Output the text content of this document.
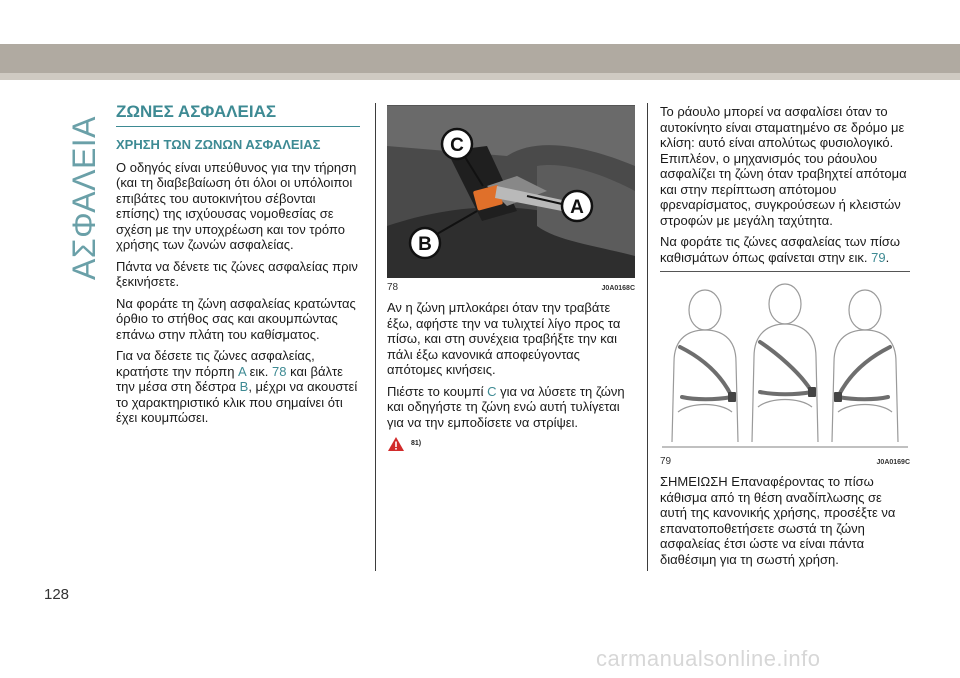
ΑΣΦΑΛΕΙΑ
ΖΩΝΕΣ ΑΣΦΑΛΕΙΑΣ
ΧΡΗΣΗ ΤΩΝ ΖΩΝΩΝ ΑΣΦΑΛΕΙΑΣ

Ο οδηγός είναι υπεύθυνος για την τήρηση (και τη διαβεβαίωση ότι όλοι οι υπόλοιποι επιβάτες του αυτοκινήτου σέβονται επίσης) της ισχύουσας νομοθεσίας σε σχέση με την υποχρέωση και τον τρόπο χρήσης των ζωνών ασφαλείας.

Πάντα να δένετε τις ζώνες ασφαλείας πριν ξεκινήσετε.

Να φοράτε τη ζώνη ασφαλείας κρατώντας όρθιο το στήθος σας και ακουμπώντας επάνω στην πλάτη του καθίσματος.

Για να δέσετε τις ζώνες ασφαλείας, κρατήστε την πόρπη A εικ. 78 και βάλτε την μέσα στη δέστρα B, μέχρι να ακουστεί το χαρακτηριστικό κλικ που σημαίνει ότι έχει κουμπώσει.

C
A
B
78	J0A0168C

Αν η ζώνη μπλοκάρει όταν την τραβάτε έξω, αφήστε την να τυλιχτεί λίγο προς τα πίσω, και στη συνέχεια τραβήξτε την και πάλι έξω κανονικά αποφεύγοντας απότομες κινήσεις.

Πιέστε το κουμπί C για να λύσετε τη ζώνη και οδηγήστε τη ζώνη ενώ αυτή τυλίγεται για να την εμποδίσετε να στρίψει.

81)

Το ράουλο μπορεί να ασφαλίσει όταν το αυτοκίνητο είναι σταματημένο σε δρόμο με κλίση: αυτό είναι απολύτως φυσιολογικό. Επιπλέον, ο μηχανισμός του ράουλου ασφαλίζει τη ζώνη όταν τραβηχτεί απότομα και στην περίπτωση απότομου φρεναρίσματος, συγκρούσεων ή κλειστών στροφών με μεγάλη ταχύτητα.

Να φοράτε τις ζώνες ασφαλείας των πίσω καθισμάτων όπως φαίνεται στην εικ. 79.

79	J0A0169C

ΣΗΜΕΙΩΣΗ Επαναφέροντας το πίσω κάθισμα από τη θέση αναδίπλωσης σε αυτή της κανονικής χρήσης, προσέξτε να επανατοποθετήσετε σωστά τη ζώνη ασφαλείας έτσι ώστε να είναι πάντα διαθέσιμη για τη σωστή χρήση.

128
carmanualsonline.info
